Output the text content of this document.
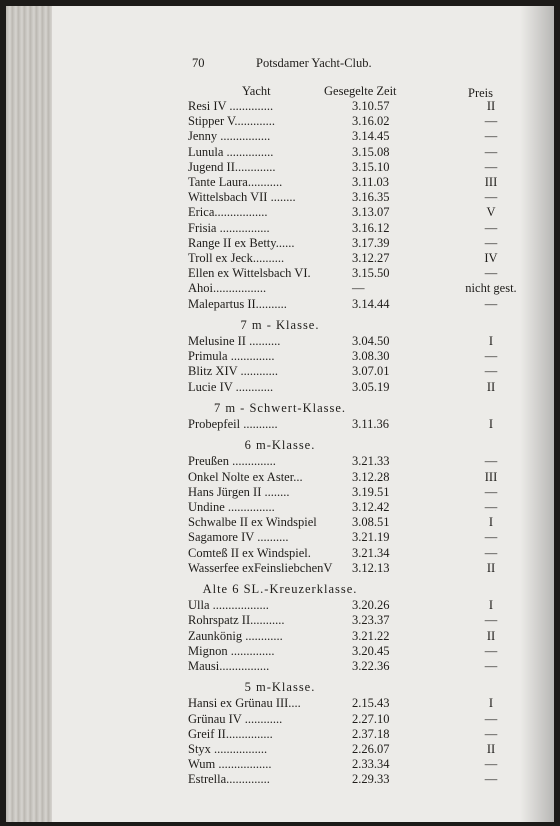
70	Potsdamer Yacht-Club.
Yacht	Gesegelte Zeit	Preis
Resi IV ..............	3.10.57	II
Stipper V.............	3.16.02	—
Jenny ................	3.14.45	—
Lunula ...............	3.15.08	—
Jugend II.............	3.15.10	—
Tante Laura...........	3.11.03	III
Wittelsbach VII ........	3.16.35	—
Erica.................	3.13.07	V
Frisia ................	3.16.12	—
Range II ex Betty......	3.17.39	—
Troll ex Jeck..........	3.12.27	IV
Ellen ex Wittelsbach VI.	3.15.50	—
Ahoi.................	—	nicht gest.
Malepartus II..........	3.14.44	—
7 m - Klasse.
Melusine II ..........	3.04.50	I
Primula ..............	3.08.30	—
Blitz XIV ............	3.07.01	—
Lucie IV ............	3.05.19	II
7 m - Schwert-Klasse.
Probepfeil ...........	3.11.36	I
6 m-Klasse.
Preußen ..............	3.21.33	—
Onkel Nolte ex Aster...	3.12.28	III
Hans Jürgen II ........	3.19.51	—
Undine ...............	3.12.42	—
Schwalbe II ex Windspiel	3.08.51	I
Sagamore IV ..........	3.21.19	—
Comteß II ex Windspiel.	3.21.34	—
Wasserfee exFeinsliebchenV 3.12.13	II
Alte 6 SL.-Kreuzerklasse.
Ulla ..................	3.20.26	I
Rohrspatz II...........	3.23.37	—
Zaunkönig ............	3.21.22	II
Mignon ..............	3.20.45	—
Mausi................	3.22.36	—
5 m-Klasse.
Hansi ex Grünau III....	2.15.43	I
Grünau IV ............	2.27.10	—
Greif II...............	2.37.18	—
Styx .................	2.26.07	II
Wum .................	2.33.34	—
Estrella..............	2.29.33	—
